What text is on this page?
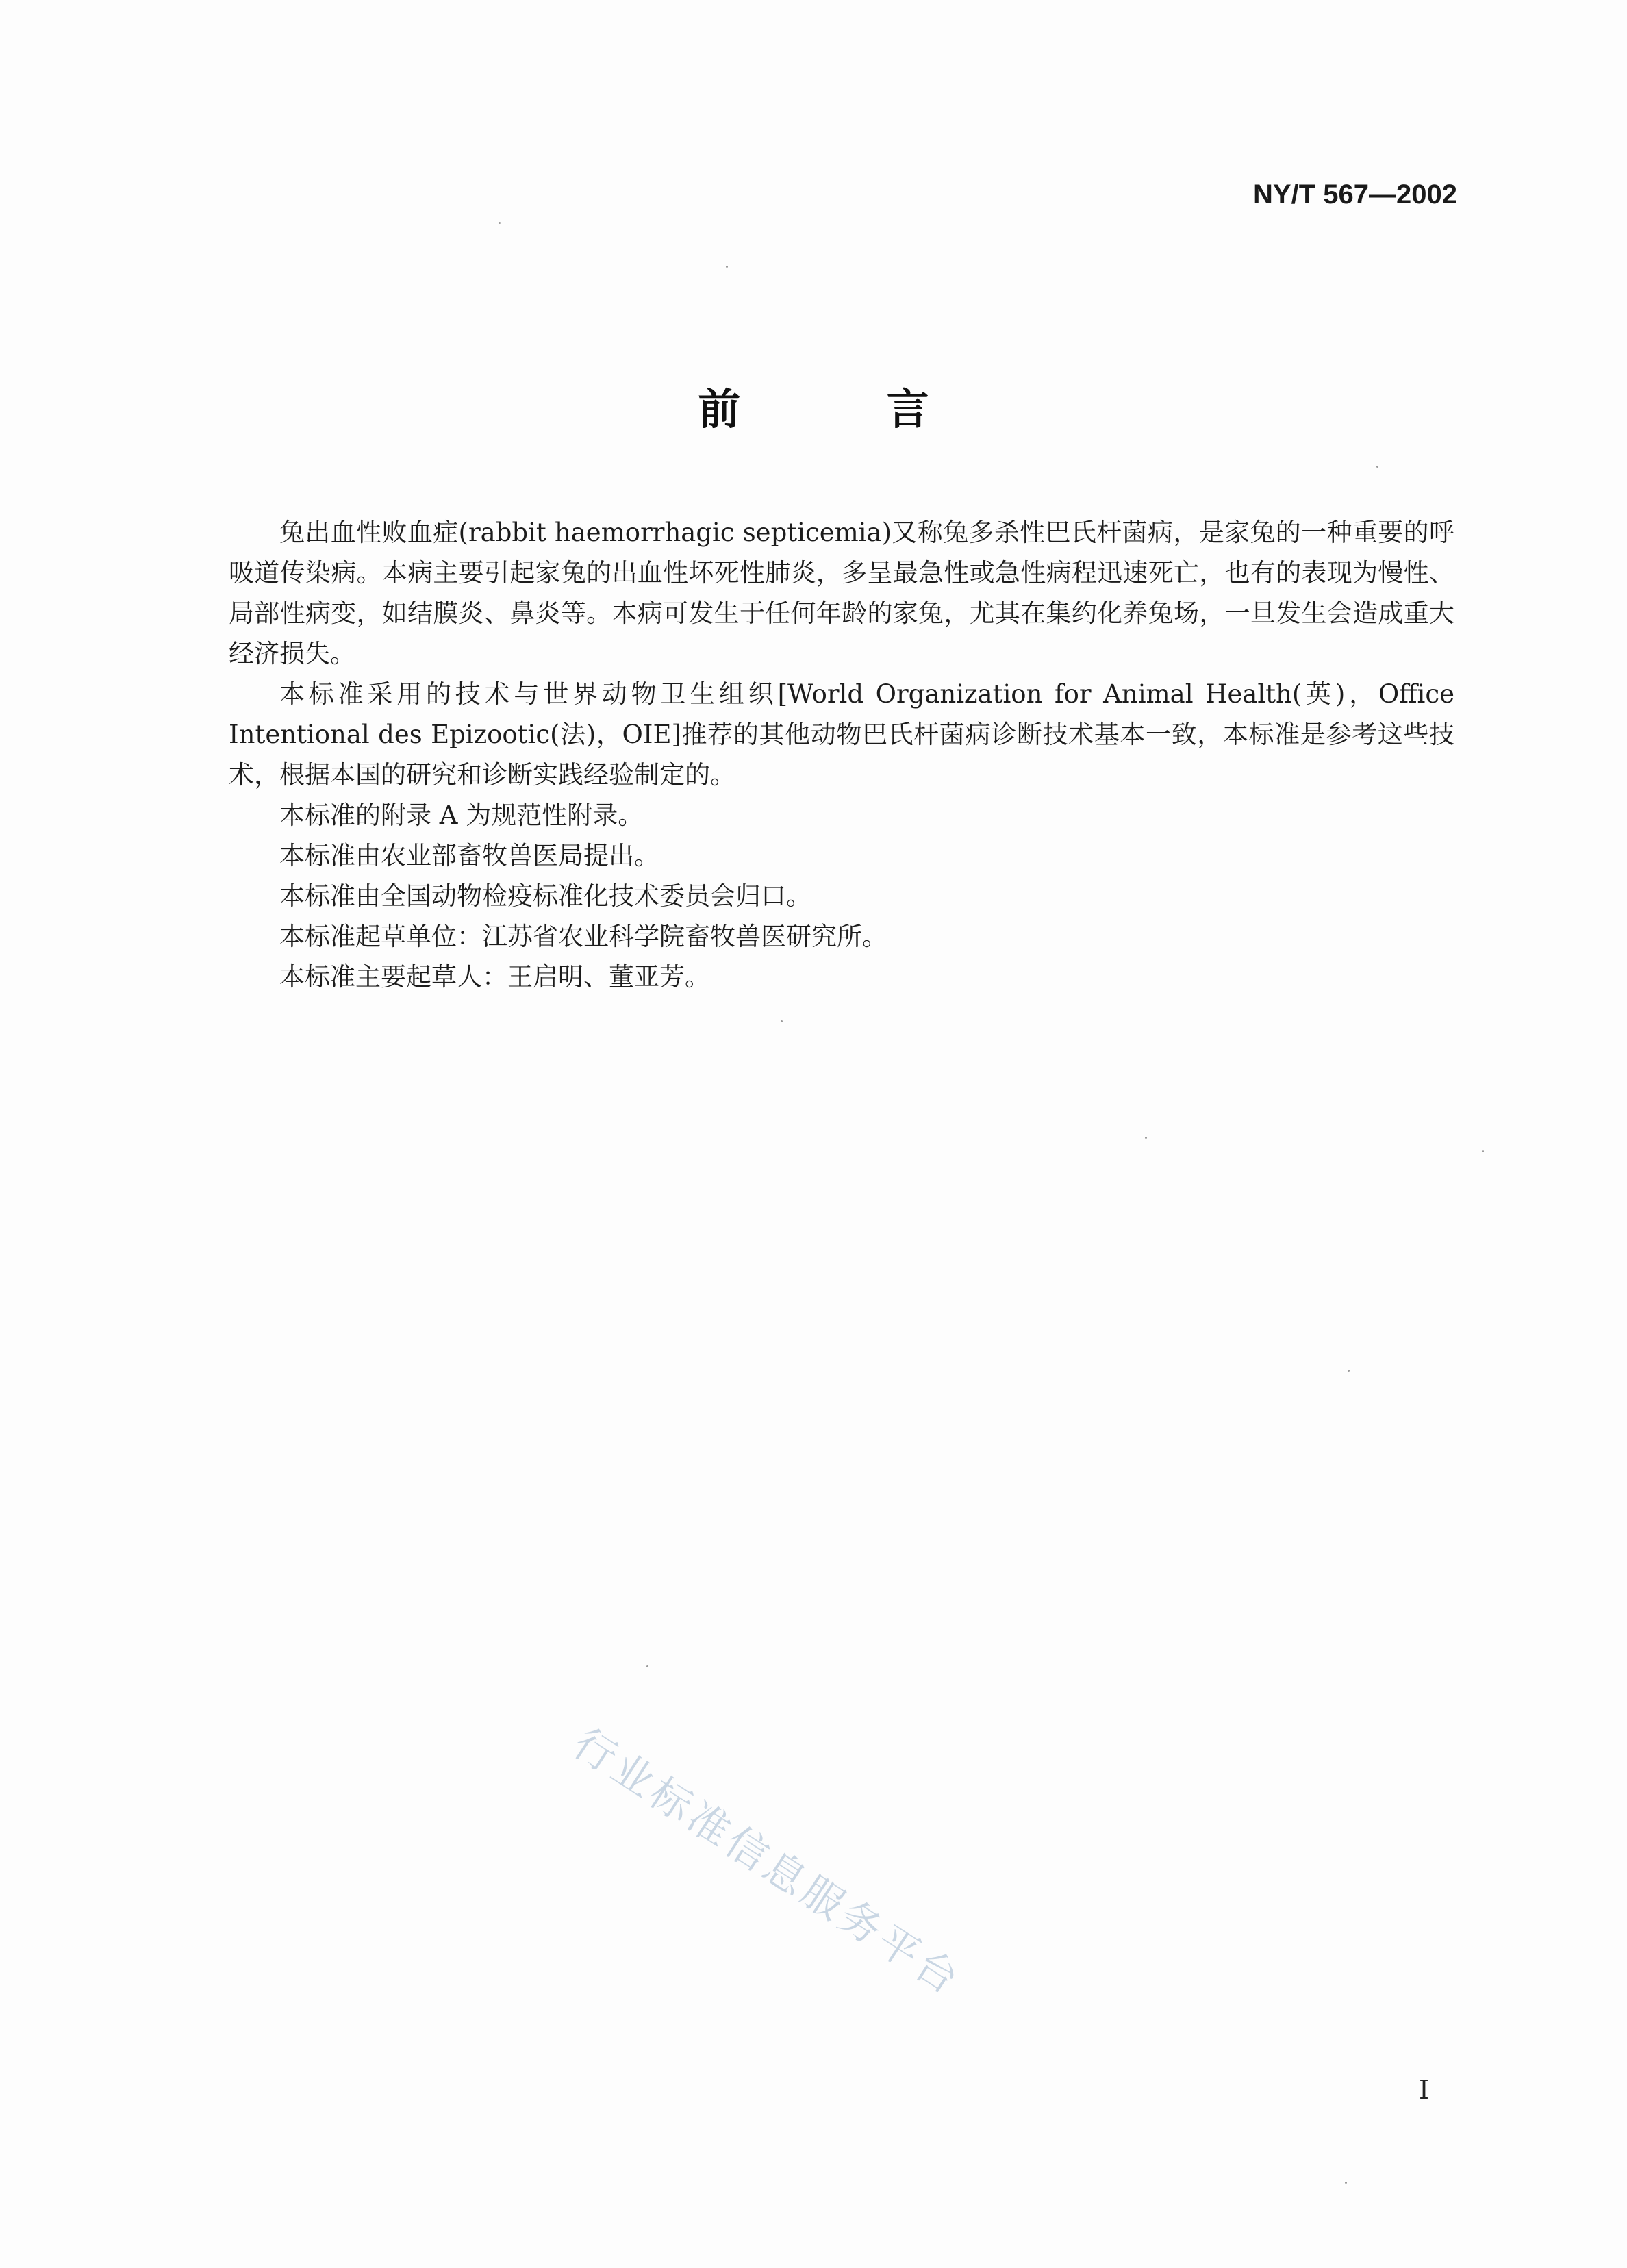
NY/T 567—2002
前 言

兔出血性败血症(rabbit haemorrhagic septicemia)又称兔多杀性巴氏杆菌病，是家兔的一种重要的呼吸道传染病。本病主要引起家兔的出血性坏死性肺炎，多呈最急性或急性病程迅速死亡，也有的表现为慢性、局部性病变，如结膜炎、鼻炎等。本病可发生于任何年龄的家兔，尤其在集约化养兔场，一旦发生会造成重大经济损失。

本标准采用的技术与世界动物卫生组织[World Organization for Animal Health(英)，Office Intentional des Epizootic(法)，OIE]推荐的其他动物巴氏杆菌病诊断技术基本一致，本标准是参考这些技术，根据本国的研究和诊断实践经验制定的。

本标准的附录 A 为规范性附录。

本标准由农业部畜牧兽医局提出。

本标准由全国动物检疫标准化技术委员会归口。

本标准起草单位：江苏省农业科学院畜牧兽医研究所。

本标准主要起草人：王启明、董亚芳。

行业标准信息服务平台
I
